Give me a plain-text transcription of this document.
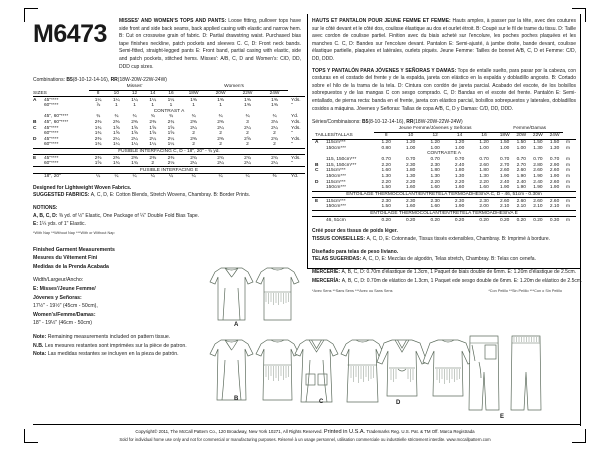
M6473 MISSES' AND WOMEN'S TOPS AND PANTS: Loose fitting, pullover tops have side front and side back seams, back applied casing with elastic and narrow hem. B: Cut on crosswise grain of fabric. D: Partial drawstring waist. Purchased bias tape finishes neckline, patch pockets and sleeves C. C, D: Front neck bands. Semi-fitted, straight-legged pants E: Front band, partial casing with elastic, side and patch pockets, stitched hems. Misses': A/B, C, D and Women's: C/D, DD, DDD cup sizes.
Combinations: B5(8-10-12-14-16), RR(18W-20W-22W-24W)
	Misses'					Women's				
SIZES	8	10	12	14	16	18W	20W	22W	24W	
A 45"****	1¼	1¼	1¼	1¼	1¼	1⅜	1⅜	1⅜	1⅜	Yds.
60"****	⅞	1	1	1	1	1	1	1⅜	1⅜	"
CONTRAST A										
45", 60"****	¾	¾	¾	¾	¾	¾	¾	¾	¾	Yd.
B 45", 60"****	2⅜	2⅜	2⅜	2⅜	2¾	2⅜	2⅜	3	3⅛	Yds.
C 45"****	1¾	1⅝	1⅝	1⅝	1⅝	2¼	2¼	2¼	2¼	Yds.
60"****	1¾	1⅝	1⅝	1⅝	1⅝	2	2	2	2	"
D 45"****	2⅜	2¼	2¼	2¼	2¼	2⅜	2⅜	2⅝	2¾	Yds.
60"****	1¾	1¼	1¼	1¼	1¼	2	2	2	2	"
FUSIBLE INTERFACING C, D - 18", 20" - ¾ yd.										
E 45"****	2⅜	2⅜	2⅜	2⅜	2⅜	2¾	2¾	2¾	2¾	Yds.
60"****	1⅝	1¾	1¾	2	2⅛	2¼	2¼	2¼	2¼	"
FUSIBLE INTERFACING E										
18", 20"	¼	¼	¼	¼	¼	¼	¼	¼	⅜	Yd.
Designed for Lightweight Woven Fabrics.
SUGGESTED FABRICS: A, C, D, E: Cotton Blends, Stretch Wovens, Chambray. B: Border Prints.
NOTIONS:
A, B, C, D: ⅜ yd. of ½" Elastic, One Package of ¼" Double Fold Bias Tape.
E: 1¼ yds. of 1" Elastic.
*With Nap **Without Nap ***With or Without Nap
Finished Garment Measurements
Mesures du Vêtement Fini
Medidas de la Prenda Acabada
Width/Largeur/Ancho:
E: Misses'/Jeune Femme/
Jóvenes y Señoras:
17½" - 19½" (45cm - 50cm),
Women's/Femme/Damas:
18" - 19½" (46cm - 50cm)
Note: Remaining measurements included on pattern tissue.
N.B. Les mesures restantes sont imprimées sur la pièce de patron.
Nota: Las medidas restantes se incluyen en la pieza de patrón.
HAUTS ET PANTALON POUR JEUNE FEMME ET FEMME: Hauts amples, à passer par la tête, avec des coutures sur le côté devant et le côté dos, coulisse élastique au dos et ourlet étroit. B: Coupé sur le fil de trame du tissu. D: Taille avec cordon de coulisse partiel. Finition avec du biais acheté sur l'encolure, les poches poches plaquées et les manches C. C, D: Bandes sur l'encolure devant. Pantalon E: Semi-ajusté, à jambe droite, bande devant, coulisse élastique partielle, plaquées et latérales, ourlets piqués. Jeune Femme: Tailles de bonnet A/B, C, D et Femme: C/D, DD, DDD.
TOPS Y PANTALÓN PARA JÓVENES Y SEÑORAS Y DAMAS: Tops de entalle suelto, para pasar por la cabeza, con costuras en el costado del frente y de la espalda, jareta con elástico en la espalda y dobladillo angosto. B: Cortado sobre el hilo de la trama de la tela. D: Cintura con cordón de jareta parcial. Acabado del escote, de los bolsillos sobrepuestos y de las mangas C con sesgo comprado. C, D: Bandas en el escote del frente. Pantalón E: Semi-entallado, de pierna recta: banda en el frente, jareta con elástico parcial, bolsillos sobrepuestos y laterales, dobladillos cosidos a máquina. Jóvenes y Señoras: Tallas de copa A/B, C, D y Damas: C/D, DD, DDD.
Séries/Combinaisons: B5(8-10-12-14-16), RR(18W-20W-22W-24W)
	Jeune Femme/Jóvenes y Señoras					Femme/Damas				
TAILLES/TALLAS	8	10	12	14	16	18W	20W	22W	24W	
A 115cm***	1.20	1.20	1.20	1.20	1.20	1.50	1.50	1.50	1.50	m
150cm***	0.80	1.00	1.00	1.00	1.00	1.00	1.00	1.30	1.30	m
CONTRASTE A										
115, 150cm***	0.70	0.70	0.70	0.70	0.70	0.70	0.70	0.70	0.70	m
B 115, 150cm***	2.20	2.30	2.30	2.40	2.60	2.70	2.70	2.80	2.90	m
C 115cm***	1.60	1.80	1.80	1.80	1.80	2.60	2.60	2.60	2.60	m
150cm***	1.30	1.30	1.30	1.30	1.30	1.90	1.90	1.90	1.90	m
D 115cm***	2.20	2.20	2.20	2.20	2.20	2.40	2.40	2.40	2.60	m
150cm***	1.50	1.60	1.60	1.60	1.60	1.90	1.90	1.90	1.90	m
ENTOILAGE THERMOCOLLANT/ENTRETELA TERMOADHESIVA C, D - 46, 51cm - 0.30m										
E 115cm***	2.30	2.30	2.30	2.30	2.30	2.60	2.60	2.60	2.60	m
150cm***	1.50	1.60	1.60	1.90	2.00	2.10	2.10	2.10	2.10	m
ENTOILAGE THERMOCOLLANT/ENTRETELA TERMOADHESIVA E										
46, 51cm	0.20	0.20	0.20	0.20	0.20	0.20	0.20	0.20	0.30	m
Créé pour des tissus de poids léger.
TISSUS CONSEILLES: A, C, D, E: Cotonnade, Tissus tissés extensibles, Chambray. B: Imprimé à bordure.
Diseñado para telas de peso liviano.
TELAS SUGERIDAS: A, C, D, E: Mezclas de algodón, Telas stretch, Chambray. B: Telas con cenefa.
MERCERIE: A, B, C, D: 0.70m d'élastique de 1.3cm, 1 Paquet de biais double de 6mm. E: 1.20m d'élastique de 2.5cm.
MERCERÍA: A, B, C, D: 0.70m de elástico de 1.3cm, 1 Paquet ede sesgo double de 6mm. E: 1.20m de elástico de 2.5cm.
*Avec Sens **Sans Sens ***Avec ou Sans Sens	*Con Pelillo **Sin Pelillo ***Con o Sin Pelillo
A
B	C	D
E
Copyright© 2011, The McCall Pattern Co., 120 Broadway, New York 10271, All Rights Reserved. Printed in U.S.A. Trademarks Reg. U.S. Pat. & TM Off. Marca Registrada
Sold for individual home use only and not for commercial or manufacturing purposes. Réservé à un usage personnel, utilisation commerciale ou industrielle strictement interdite. www.mccallpattern.com
